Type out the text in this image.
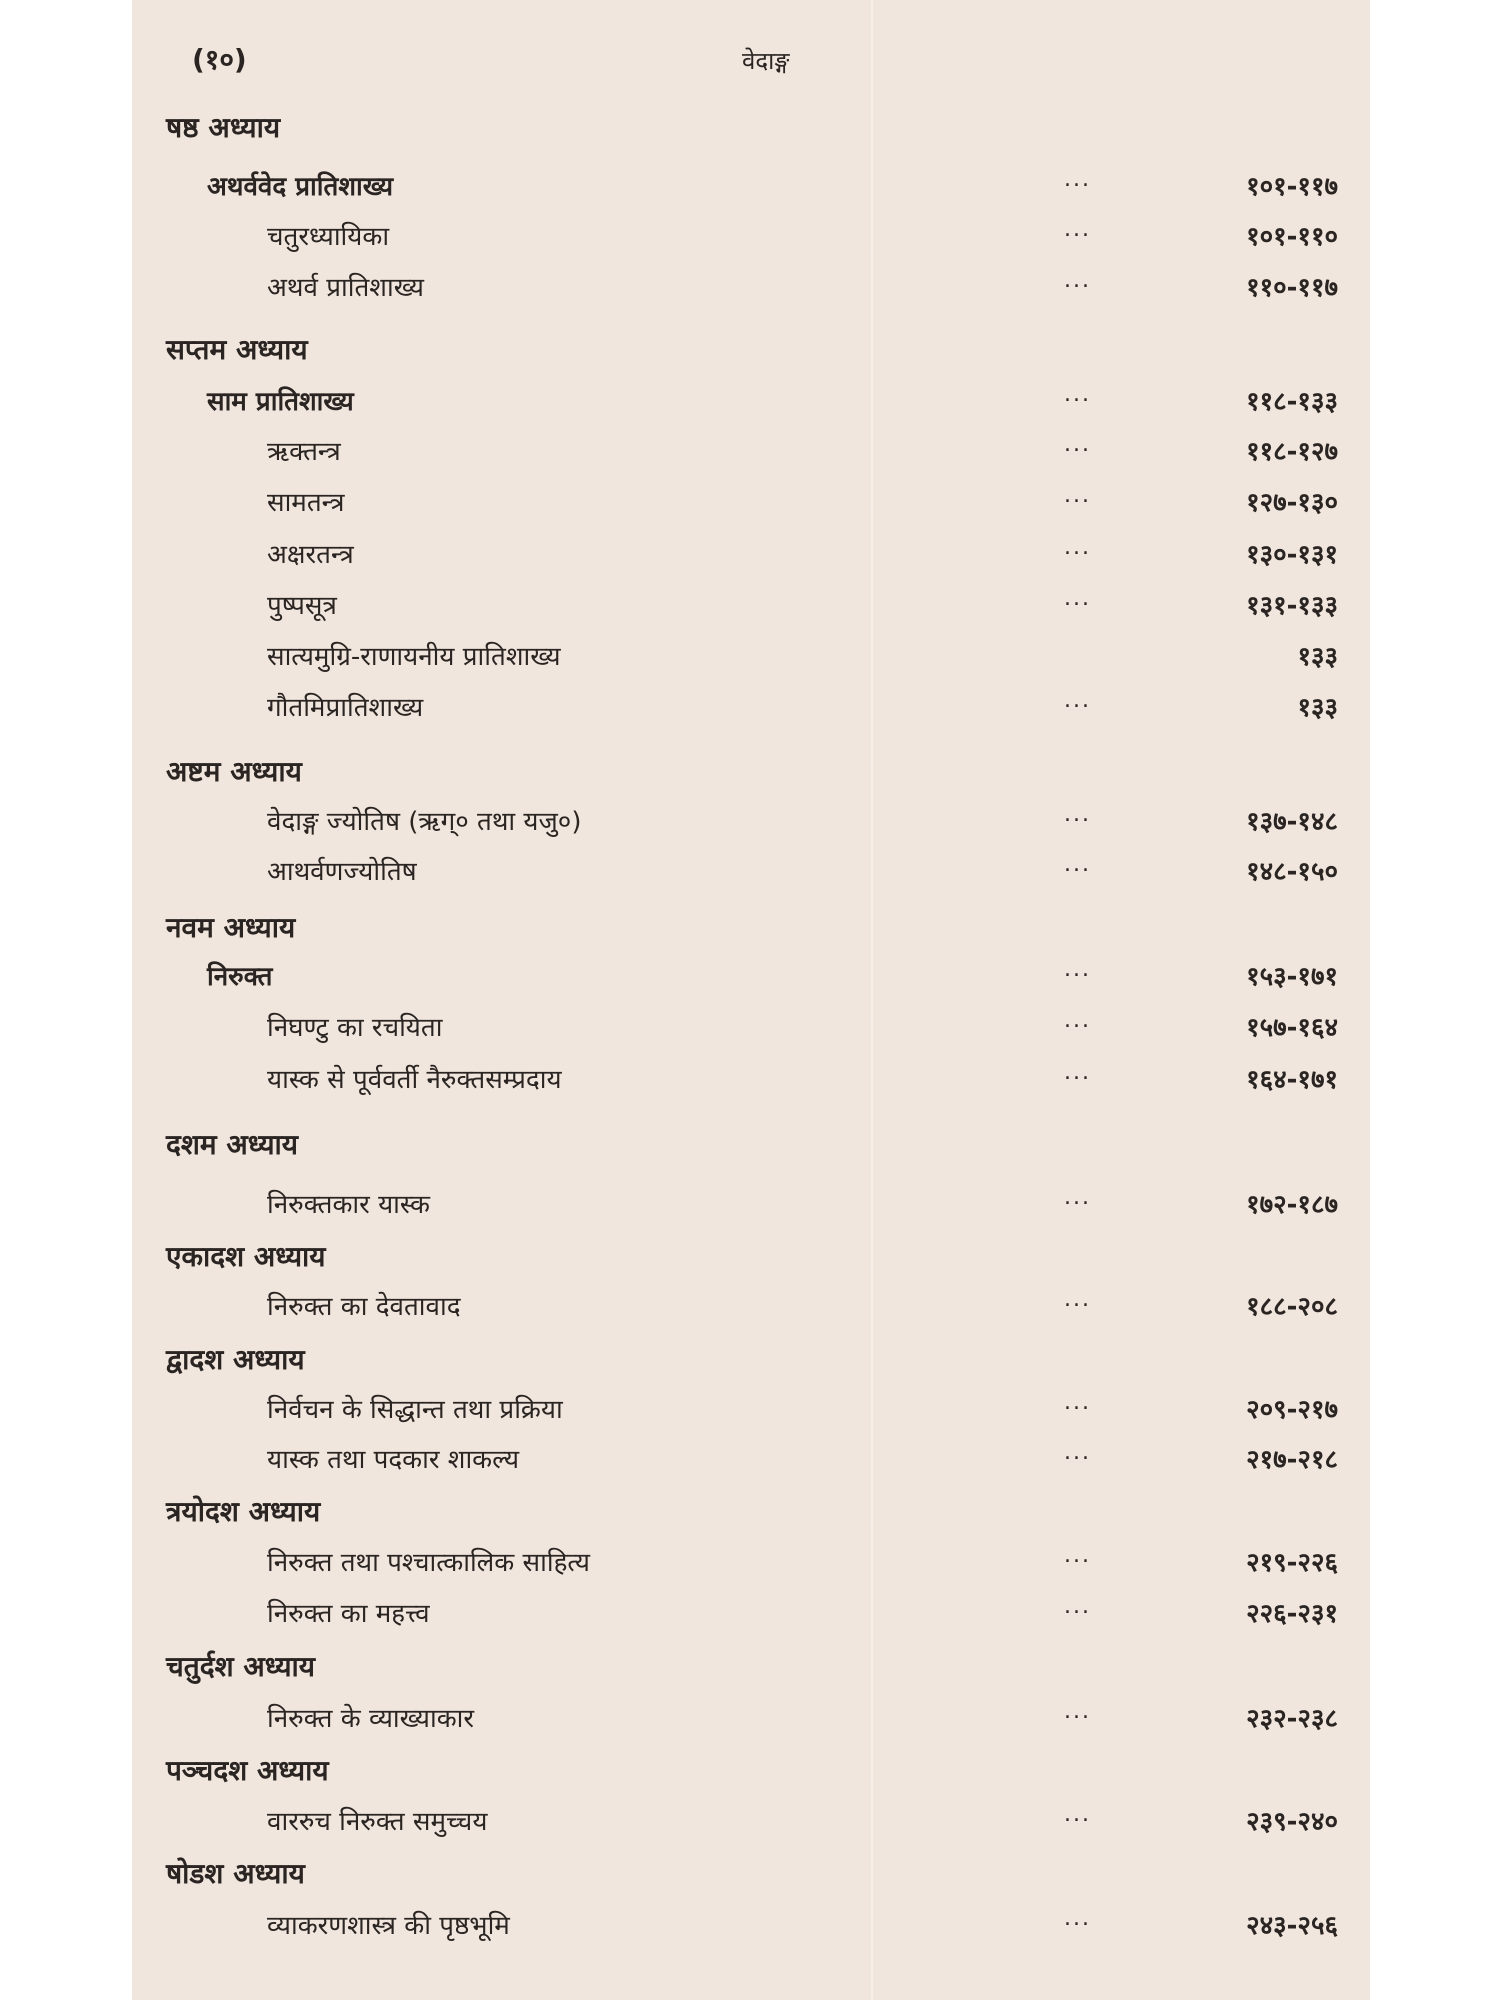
(१०)	वेदाङ्ग
षष्ठ अध्याय
अथर्ववेद प्रातिशाख्य	...	१०१-११७
चतुरध्यायिका	...	१०१-११०
अथर्व प्रातिशाख्य	...	११०-११७
सप्तम अध्याय
साम प्रातिशाख्य	...	११८-१३३
ऋक्तन्त्र	...	११८-१२७
सामतन्त्र	...	१२७-१३०
अक्षरतन्त्र	...	१३०-१३१
पुष्पसूत्र	...	१३१-१३३
सात्यमुग्रि-राणायनीय प्रातिशाख्य	१३३
गौतमिप्रातिशाख्य	...	१३३
अष्टम अध्याय
वेदाङ्ग ज्योतिष (ऋग्० तथा यजु०)	...	१३७-१४८
आथर्वणज्योतिष	...	१४८-१५०
नवम अध्याय
निरुक्त	...	१५३-१७१
निघण्टु का रचयिता	...	१५७-१६४
यास्क से पूर्ववर्ती नैरुक्तसम्प्रदाय	...	१६४-१७१
दशम अध्याय
निरुक्तकार यास्क	...	१७२-१८७
एकादश अध्याय
निरुक्त का देवतावाद	...	१८८-२०८
द्वादश अध्याय
निर्वचन के सिद्धान्त तथा प्रक्रिया	...	२०९-२१७
यास्क तथा पदकार शाकल्य	...	२१७-२१८
त्रयोदश अध्याय
निरुक्त तथा पश्चात्कालिक साहित्य	...	२१९-२२६
निरुक्त का महत्त्व	...	२२६-२३१
चतुर्दश अध्याय
निरुक्त के व्याख्याकार	...	२३२-२३८
पञ्चदश अध्याय
वाररुच निरुक्त समुच्चय	...	२३९-२४०
षोडश अध्याय
व्याकरणशास्त्र की पृष्ठभूमि	...	२४३-२५६
